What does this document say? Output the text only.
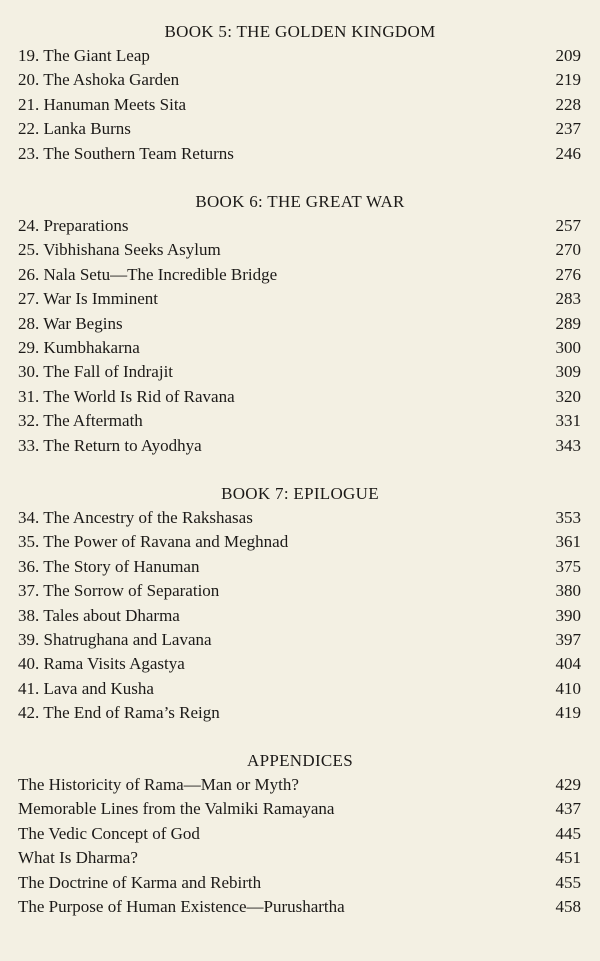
BOOK 5: THE GOLDEN KINGDOM
19. The Giant Leap	209
20. The Ashoka Garden	219
21. Hanuman Meets Sita	228
22. Lanka Burns	237
23. The Southern Team Returns	246
BOOK 6: THE GREAT WAR
24. Preparations	257
25. Vibhishana Seeks Asylum	270
26. Nala Setu—The Incredible Bridge	276
27. War Is Imminent	283
28. War Begins	289
29. Kumbhakarna	300
30. The Fall of Indrajit	309
31. The World Is Rid of Ravana	320
32. The Aftermath	331
33. The Return to Ayodhya	343
BOOK 7: EPILOGUE
34. The Ancestry of the Rakshasas	353
35. The Power of Ravana and Meghnad	361
36. The Story of Hanuman	375
37. The Sorrow of Separation	380
38. Tales about Dharma	390
39. Shatrughana and Lavana	397
40. Rama Visits Agastya	404
41. Lava and Kusha	410
42. The End of Rama’s Reign	419
APPENDICES
The Historicity of Rama—Man or Myth?	429
Memorable Lines from the Valmiki Ramayana	437
The Vedic Concept of God	445
What Is Dharma?	451
The Doctrine of Karma and Rebirth	455
The Purpose of Human Existence—Purushartha	458
